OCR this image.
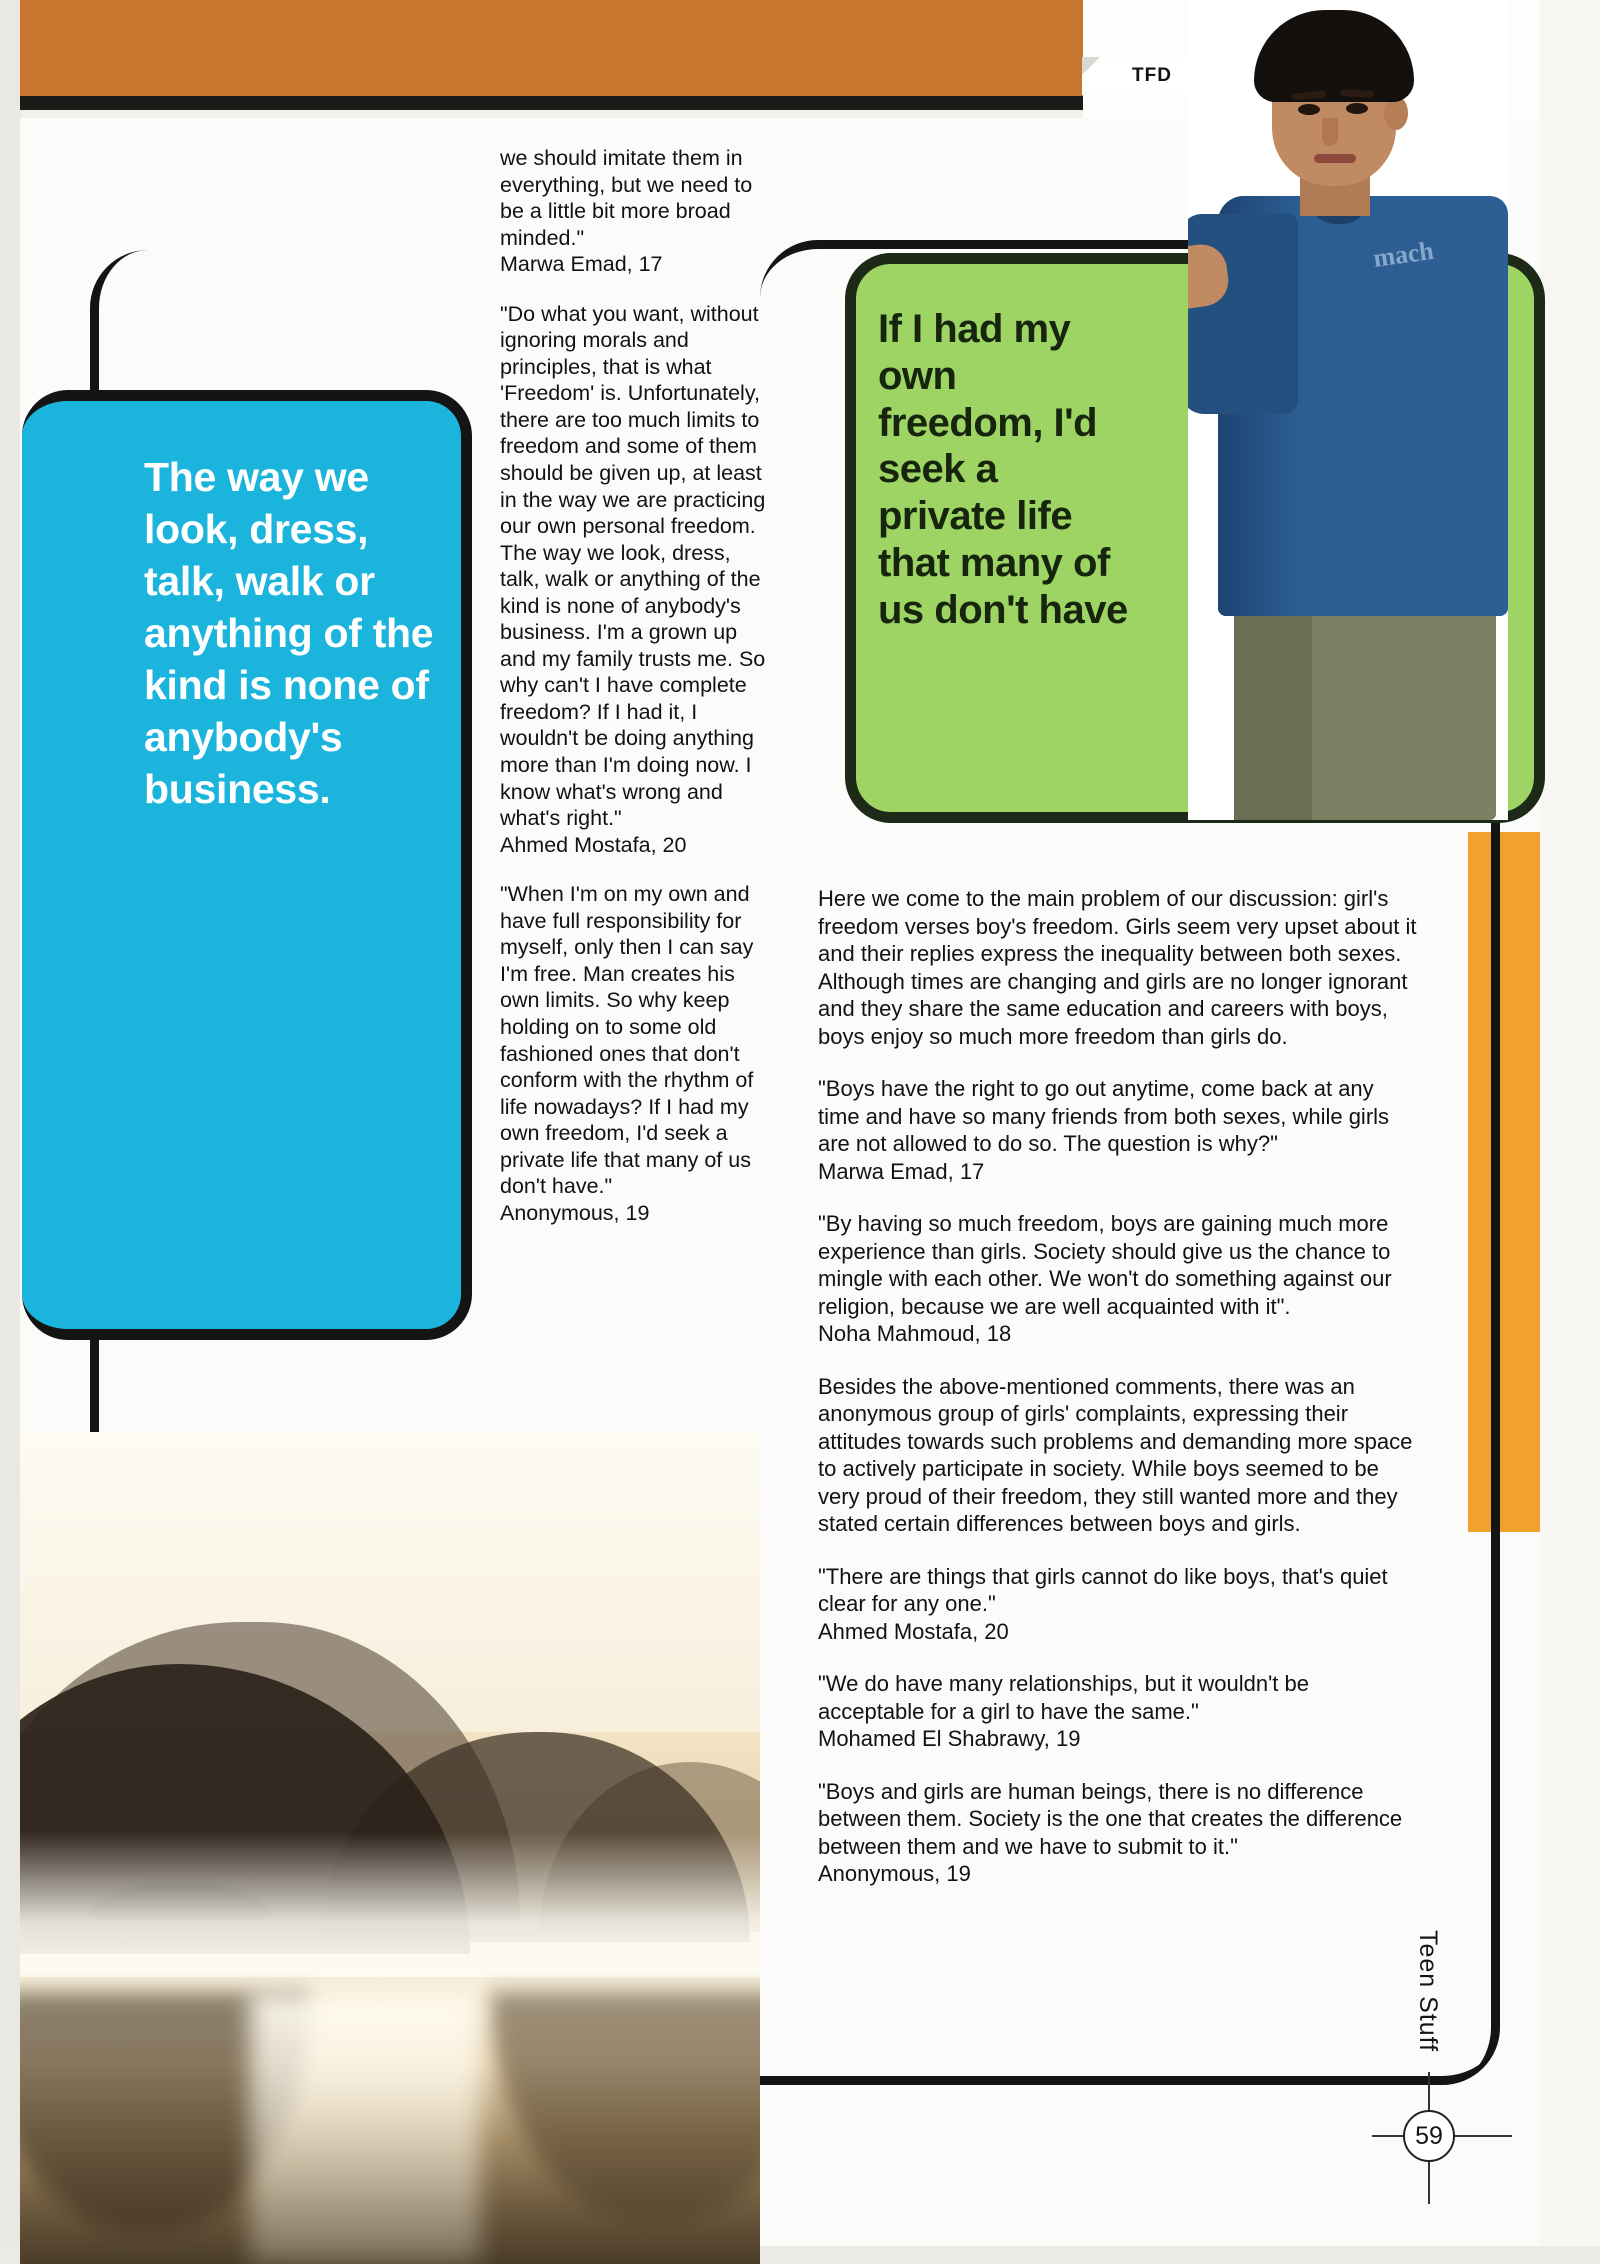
TFD
The way we look, dress, talk, walk or anything of the kind is none of anybody's business.
If I had my own freedom, I'd seek a private life that many of us don't have
mach

we should imitate them in everything, but we need to be a little bit more broad minded."
Marwa Emad, 17

"Do what you want, without ignoring morals and principles, that is what 'Freedom' is. Unfortunately, there are too much limits to freedom and some of them should be given up, at least in the way we are practicing our own personal freedom. The way we look, dress, talk, walk or anything of the kind is none of anybody's business. I'm a grown up and my family trusts me. So why can't I have complete freedom? If I had it, I wouldn't be doing anything more than I'm doing now. I know what's wrong and what's right."
Ahmed Mostafa, 20

"When I'm on my own and have full responsibility for myself, only then I can say I'm free. Man creates his own limits. So why keep holding on to some old fashioned ones that don't conform with the rhythm of life nowadays? If I had my own freedom, I'd seek a private life that many of us don't have."
Anonymous, 19

Here we come to the main problem of our discussion: girl's freedom verses boy's freedom. Girls seem very upset about it and their replies express the inequality between both sexes. Although times are changing and girls are no longer ignorant and they share the same education and careers with boys, boys enjoy so much more freedom than girls do.

"Boys have the right to go out anytime, come back at any time and have so many friends from both sexes, while girls are not allowed to do so. The question is why?"
Marwa Emad, 17

"By having so much freedom, boys are gaining much more experience than girls. Society should give us the chance to mingle with each other. We won't do something against our religion, because we are well acquainted with it".
Noha Mahmoud, 18

Besides the above-mentioned comments, there was an anonymous group of girls' complaints, expressing their attitudes towards such problems and demanding more space to actively participate in society. While boys seemed to be very proud of their freedom, they still wanted more and they stated certain differences between boys and girls.

"There are things that girls cannot do like boys, that's quiet clear for any one."
Ahmed Mostafa, 20

"We do have many relationships, but it wouldn't be acceptable for a girl to have the same."
Mohamed El Shabrawy, 19

"Boys and girls are human beings, there is no difference between them. Society is the one that creates the difference between them and we have to submit to it."
Anonymous, 19

Teen Stuff
59
